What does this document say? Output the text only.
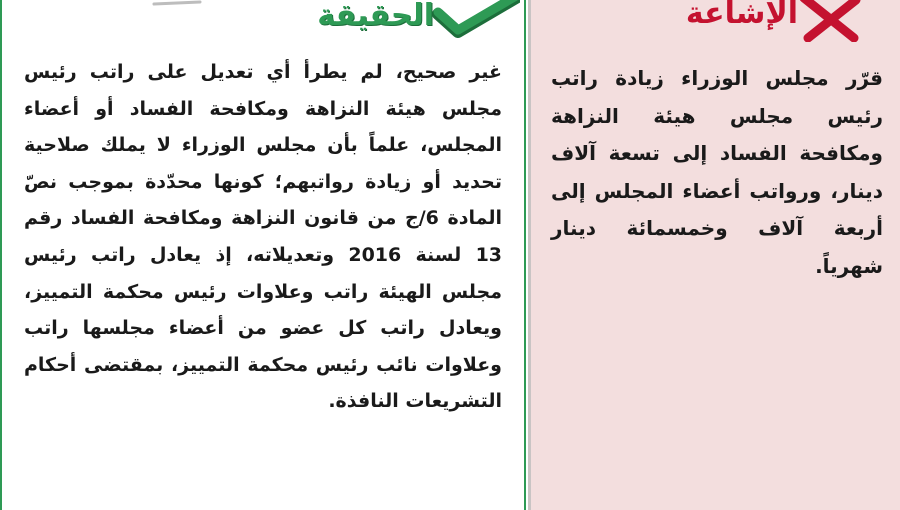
الحقيقة

غير صحيح، لم يطرأ أي تعديل على راتب رئيس مجلس هيئة النزاهة ومكافحة الفساد أو أعضاء المجلس، علماً بأن مجلس الوزراء لا يملك صلاحية تحديد أو زيادة رواتبهم؛ كونها محدّدة بموجب نصّ المادة 6/ج من قانون النزاهة ومكافحة الفساد رقم 13 لسنة 2016 وتعديلاته، إذ يعادل راتب رئيس مجلس الهيئة راتب وعلاوات رئيس محكمة التمييز، ويعادل راتب كل عضو من أعضاء مجلسها راتب وعلاوات نائب رئيس محكمة التمييز، بمقتضى أحكام التشريعات النافذة.

الإشاعة

قرّر مجلس الوزراء زيادة راتب رئيس مجلس هيئة النزاهة ومكافحة الفساد إلى تسعة آلاف دينار، ورواتب أعضاء المجلس إلى أربعة آلاف وخمسمائة دينار شهرياً.
